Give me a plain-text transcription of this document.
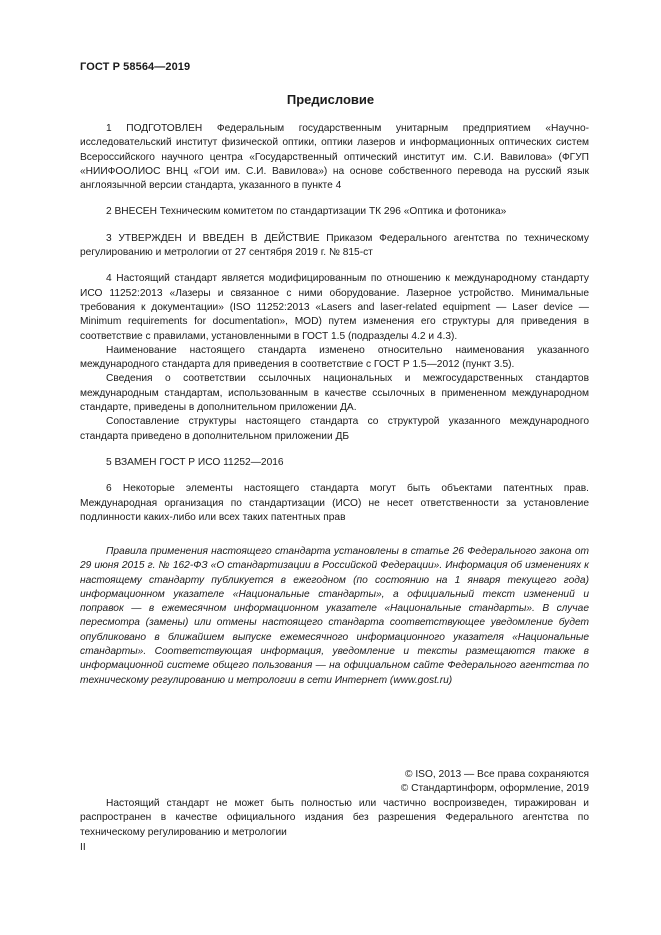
ГОСТ Р 58564—2019
Предисловие

1 ПОДГОТОВЛЕН Федеральным государственным унитарным предприятием «Научно-исследовательский институт физической оптики, оптики лазеров и информационных оптических систем Всероссийского научного центра «Государственный оптический институт им. С.И. Вавилова» (ФГУП «НИИФООЛИОС ВНЦ «ГОИ им. С.И. Вавилова») на основе собственного перевода на русский язык англоязычной версии стандарта, указанного в пункте 4

2 ВНЕСЕН Техническим комитетом по стандартизации ТК 296 «Оптика и фотоника»

3 УТВЕРЖДЕН И ВВЕДЕН В ДЕЙСТВИЕ Приказом Федерального агентства по техническому регулированию и метрологии от 27 сентября 2019 г. № 815-ст

4 Настоящий стандарт является модифицированным по отношению к международному стандарту ИСО 11252:2013 «Лазеры и связанное с ними оборудование. Лазерное устройство. Минимальные требования к документации» (ISO 11252:2013 «Lasers and laser-related equipment — Laser device — Minimum requirements for documentation», MOD) путем изменения его структуры для приведения в соответствие с правилами, установленными в ГОСТ 1.5 (подразделы 4.2 и 4.3).

Наименование настоящего стандарта изменено относительно наименования указанного международного стандарта для приведения в соответствие с ГОСТ Р 1.5—2012 (пункт 3.5).

Сведения о соответствии ссылочных национальных и межгосударственных стандартов международным стандартам, использованным в качестве ссылочных в примененном международном стандарте, приведены в дополнительном приложении ДА.

Сопоставление структуры настоящего стандарта со структурой указанного международного стандарта приведено в дополнительном приложении ДБ

5 ВЗАМЕН ГОСТ Р ИСО 11252—2016

6 Некоторые элементы настоящего стандарта могут быть объектами патентных прав. Международная организация по стандартизации (ИСО) не несет ответственности за установление подлинности каких-либо или всех таких патентных прав

Правила применения настоящего стандарта установлены в статье 26 Федерального закона от 29 июня 2015 г. № 162-ФЗ «О стандартизации в Российской Федерации». Информация об изменениях к настоящему стандарту публикуется в ежегодном (по состоянию на 1 января текущего года) информационном указателе «Национальные стандарты», а официальный текст изменений и поправок — в ежемесячном информационном указателе «Национальные стандарты». В случае пересмотра (замены) или отмены настоящего стандарта соответствующее уведомление будет опубликовано в ближайшем выпуске ежемесячного информационного указателя «Национальные стандарты». Соответствующая информация, уведомление и тексты размещаются также в информационной системе общего пользования — на официальном сайте Федерального агентства по техническому регулированию и метрологии в сети Интернет (www.gost.ru)

© ISO, 2013 — Все права сохраняются
© Стандартинформ, оформление, 2019

Настоящий стандарт не может быть полностью или частично воспроизведен, тиражирован и распространен в качестве официального издания без разрешения Федерального агентства по техническому регулированию и метрологии

II
